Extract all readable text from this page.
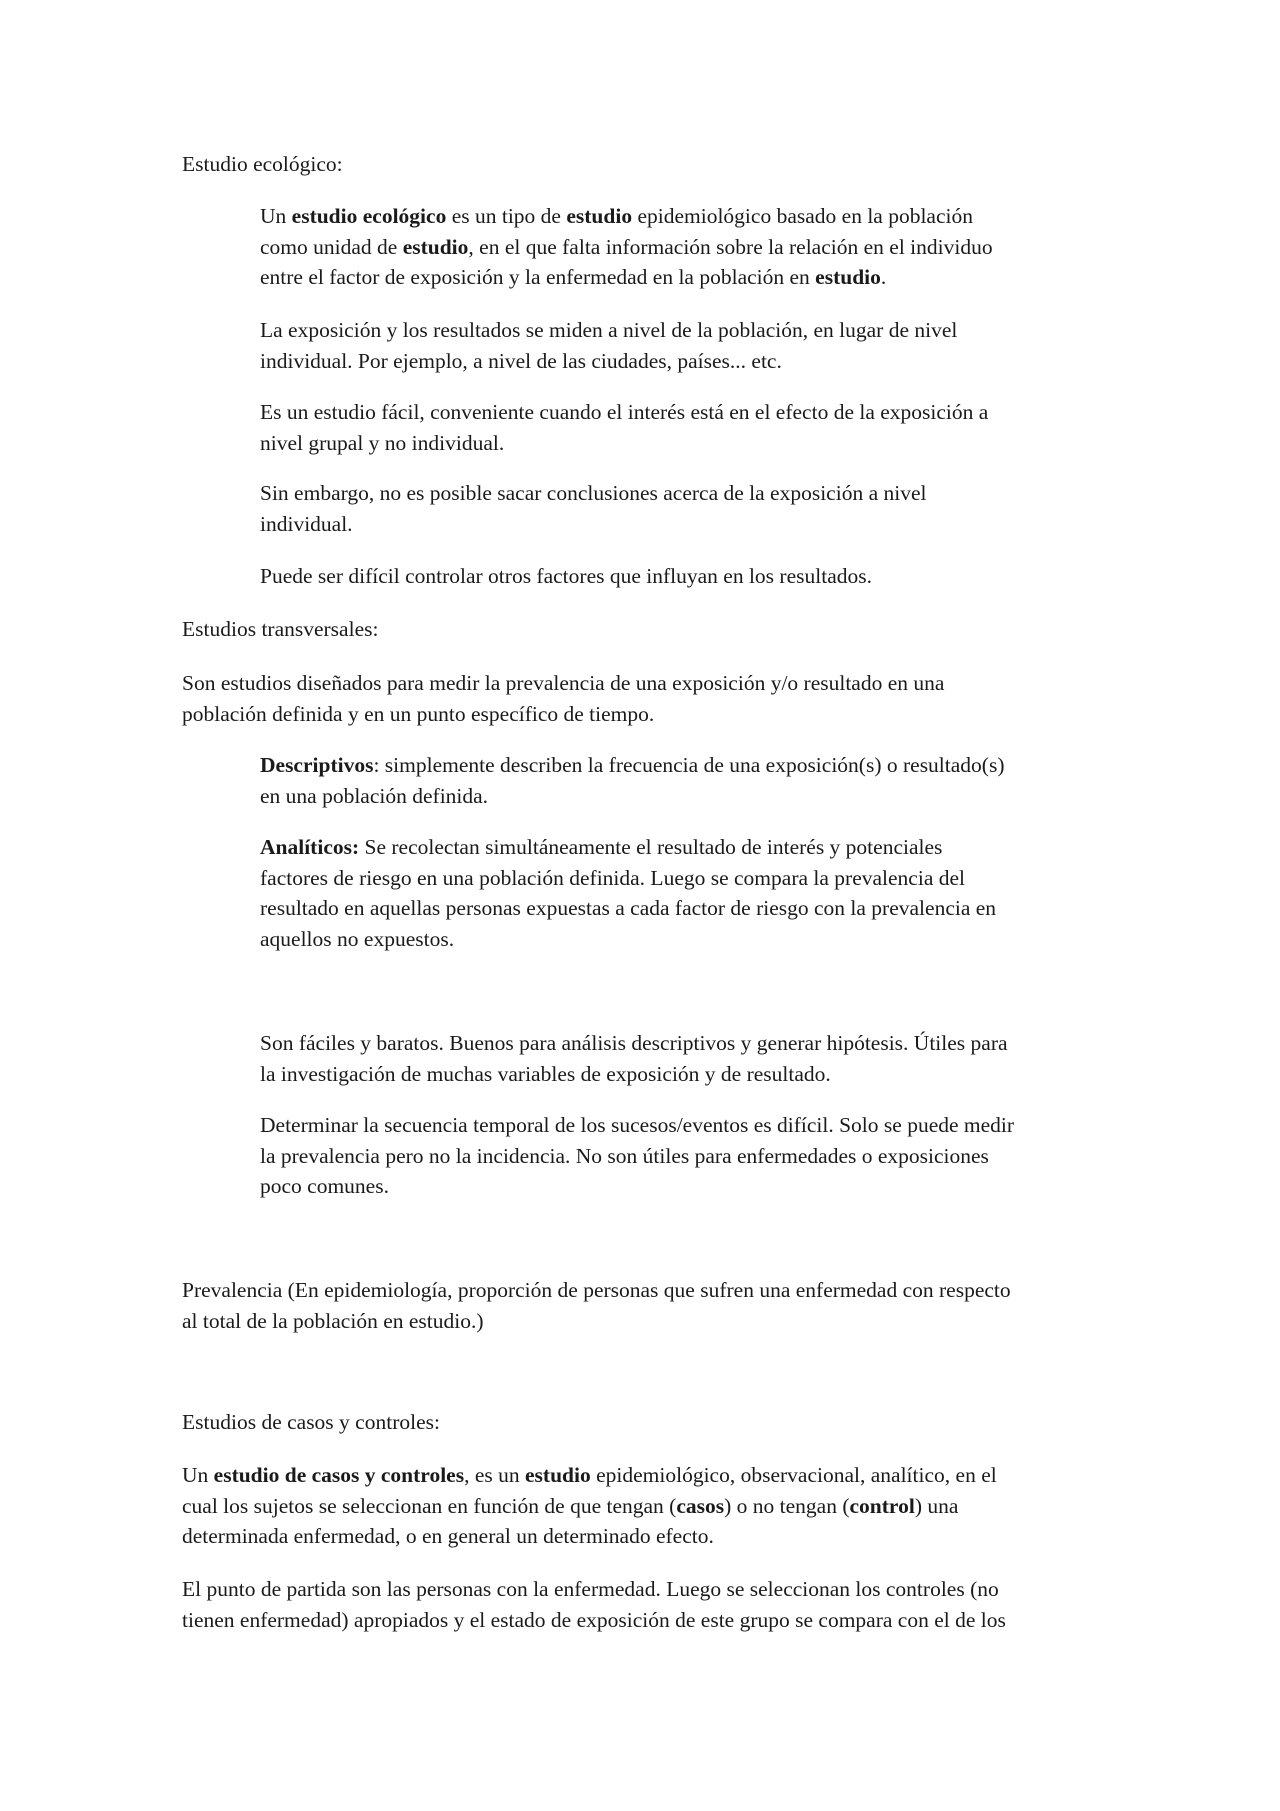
Estudio ecológico:

Un estudio ecológico es un tipo de estudio epidemiológico basado en la población
como unidad de estudio, en el que falta información sobre la relación en el individuo
entre el factor de exposición y la enfermedad en la población en estudio.

La exposición y los resultados se miden a nivel de la población, en lugar de nivel
individual. Por ejemplo, a nivel de las ciudades, países... etc.

Es un estudio fácil, conveniente cuando el interés está en el efecto de la exposición a
nivel grupal y no individual.

Sin embargo, no es posible sacar conclusiones acerca de la exposición a nivel
individual.

Puede ser difícil controlar otros factores que influyan en los resultados.

Estudios transversales:

Son estudios diseñados para medir la prevalencia de una exposición y/o resultado en una
población definida y en un punto específico de tiempo.

Descriptivos: simplemente describen la frecuencia de una exposición(s) o resultado(s)
en una población definida.

Analíticos: Se recolectan simultáneamente el resultado de interés y potenciales
factores de riesgo en una población definida. Luego se compara la prevalencia del
resultado en aquellas personas expuestas a cada factor de riesgo con la prevalencia en
aquellos no expuestos.

Son fáciles y baratos. Buenos para análisis descriptivos y generar hipótesis. Útiles para
la investigación de muchas variables de exposición y de resultado.

Determinar la secuencia temporal de los sucesos/eventos es difícil. Solo se puede medir
la prevalencia pero no la incidencia. No son útiles para enfermedades o exposiciones
poco comunes.

Prevalencia (En epidemiología, proporción de personas que sufren una enfermedad con respecto
al total de la población en estudio.)

Estudios de casos y controles:

Un estudio de casos y controles, es un estudio epidemiológico, observacional, analítico, en el
cual los sujetos se seleccionan en función de que tengan (casos) o no tengan (control) una
determinada enfermedad, o en general un determinado efecto.

El punto de partida son las personas con la enfermedad. Luego se seleccionan los controles (no
tienen enfermedad) apropiados y el estado de exposición de este grupo se compara con el de los
